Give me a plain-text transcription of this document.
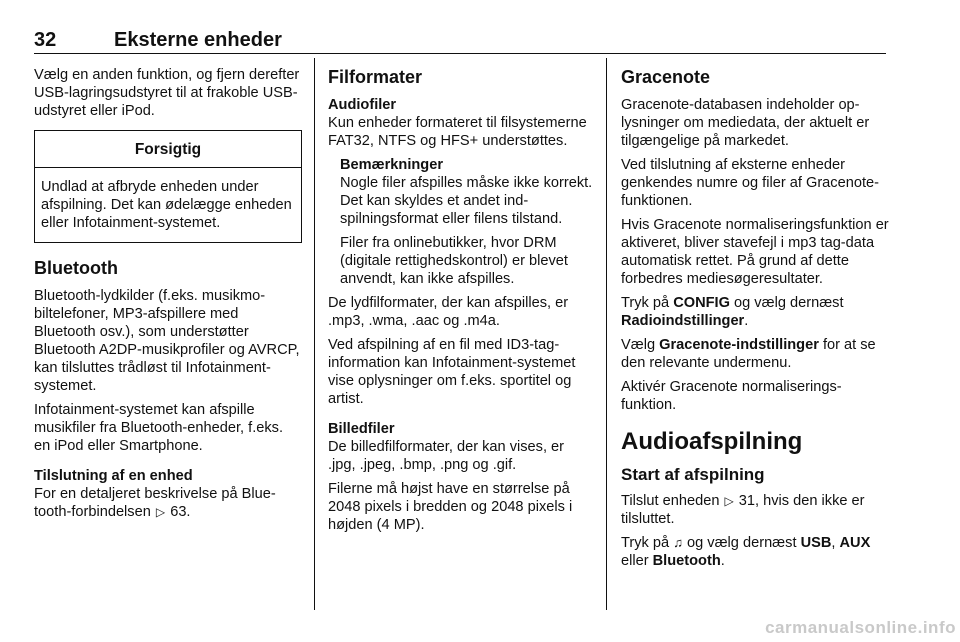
32	Eksterne enheder

Vælg en anden funktion, og fjern derefter USB-lagringsudstyret til at frakoble USB-udstyret eller iPod.

Forsigtig
Undlad at afbryde enheden under afspilning. Det kan ødelægge enheden eller Infotainment-systemet.
Bluetooth

Bluetooth-lydkilder (f.eks. musikmobiltelefoner, MP3-afspillere med Bluetooth osv.), som understøtter Bluetooth A2DP-musikprofiler og AVRCP, kan tilsluttes trådløst til Infotainment-systemet.

Infotainment-systemet kan afspille musikfiler fra Bluetooth-enheder, f.eks. en iPod eller Smartphone.

Tilslutning af en enhed

For en detaljeret beskrivelse på Bluetooth-forbindelsen ▷ 63.

Filformater
Audiofiler

Kun enheder formateret til filsystemerne FAT32, NTFS og HFS+ understøttes.

Bemærkninger

Nogle filer afspilles måske ikke korrekt. Det kan skyldes et andet indspilningsformat eller filens tilstand.

Filer fra onlinebutikker, hvor DRM (digitale rettighedskontrol) er blevet anvendt, kan ikke afspilles.

De lydfilformater, der kan afspilles, er .mp3, .wma, .aac og .m4a.

Ved afspilning af en fil med ID3-tag-information kan Infotainment-systemet vise oplysninger om f.eks. sportitel og artist.

Billedfiler

De billedfilformater, der kan vises, er .jpg, .jpeg, .bmp, .png og .gif.

Filerne må højst have en størrelse på 2048 pixels i bredden og 2048 pixels i højden (4 MP).

Gracenote

Gracenote-databasen indeholder oplysninger om mediedata, der aktuelt er tilgængelige på markedet.

Ved tilslutning af eksterne enheder genkendes numre og filer af Gracenote-funktionen.

Hvis Gracenote normaliseringsfunktion er aktiveret, bliver stavefejl i mp3 tag-data automatisk rettet. På grund af dette forbedres mediesøgeresultater.

Tryk på CONFIG og vælg dernæst Radioindstillinger.

Vælg Gracenote-indstillinger for at se den relevante undermenu.

Aktivér Gracenote normaliseringsfunktion.

Audioafspilning
Start af afspilning

Tilslut enheden ▷ 31, hvis den ikke er tilsluttet.

Tryk på ♫ og vælg dernæst USB, AUX eller Bluetooth.

carmanualsonline.info
